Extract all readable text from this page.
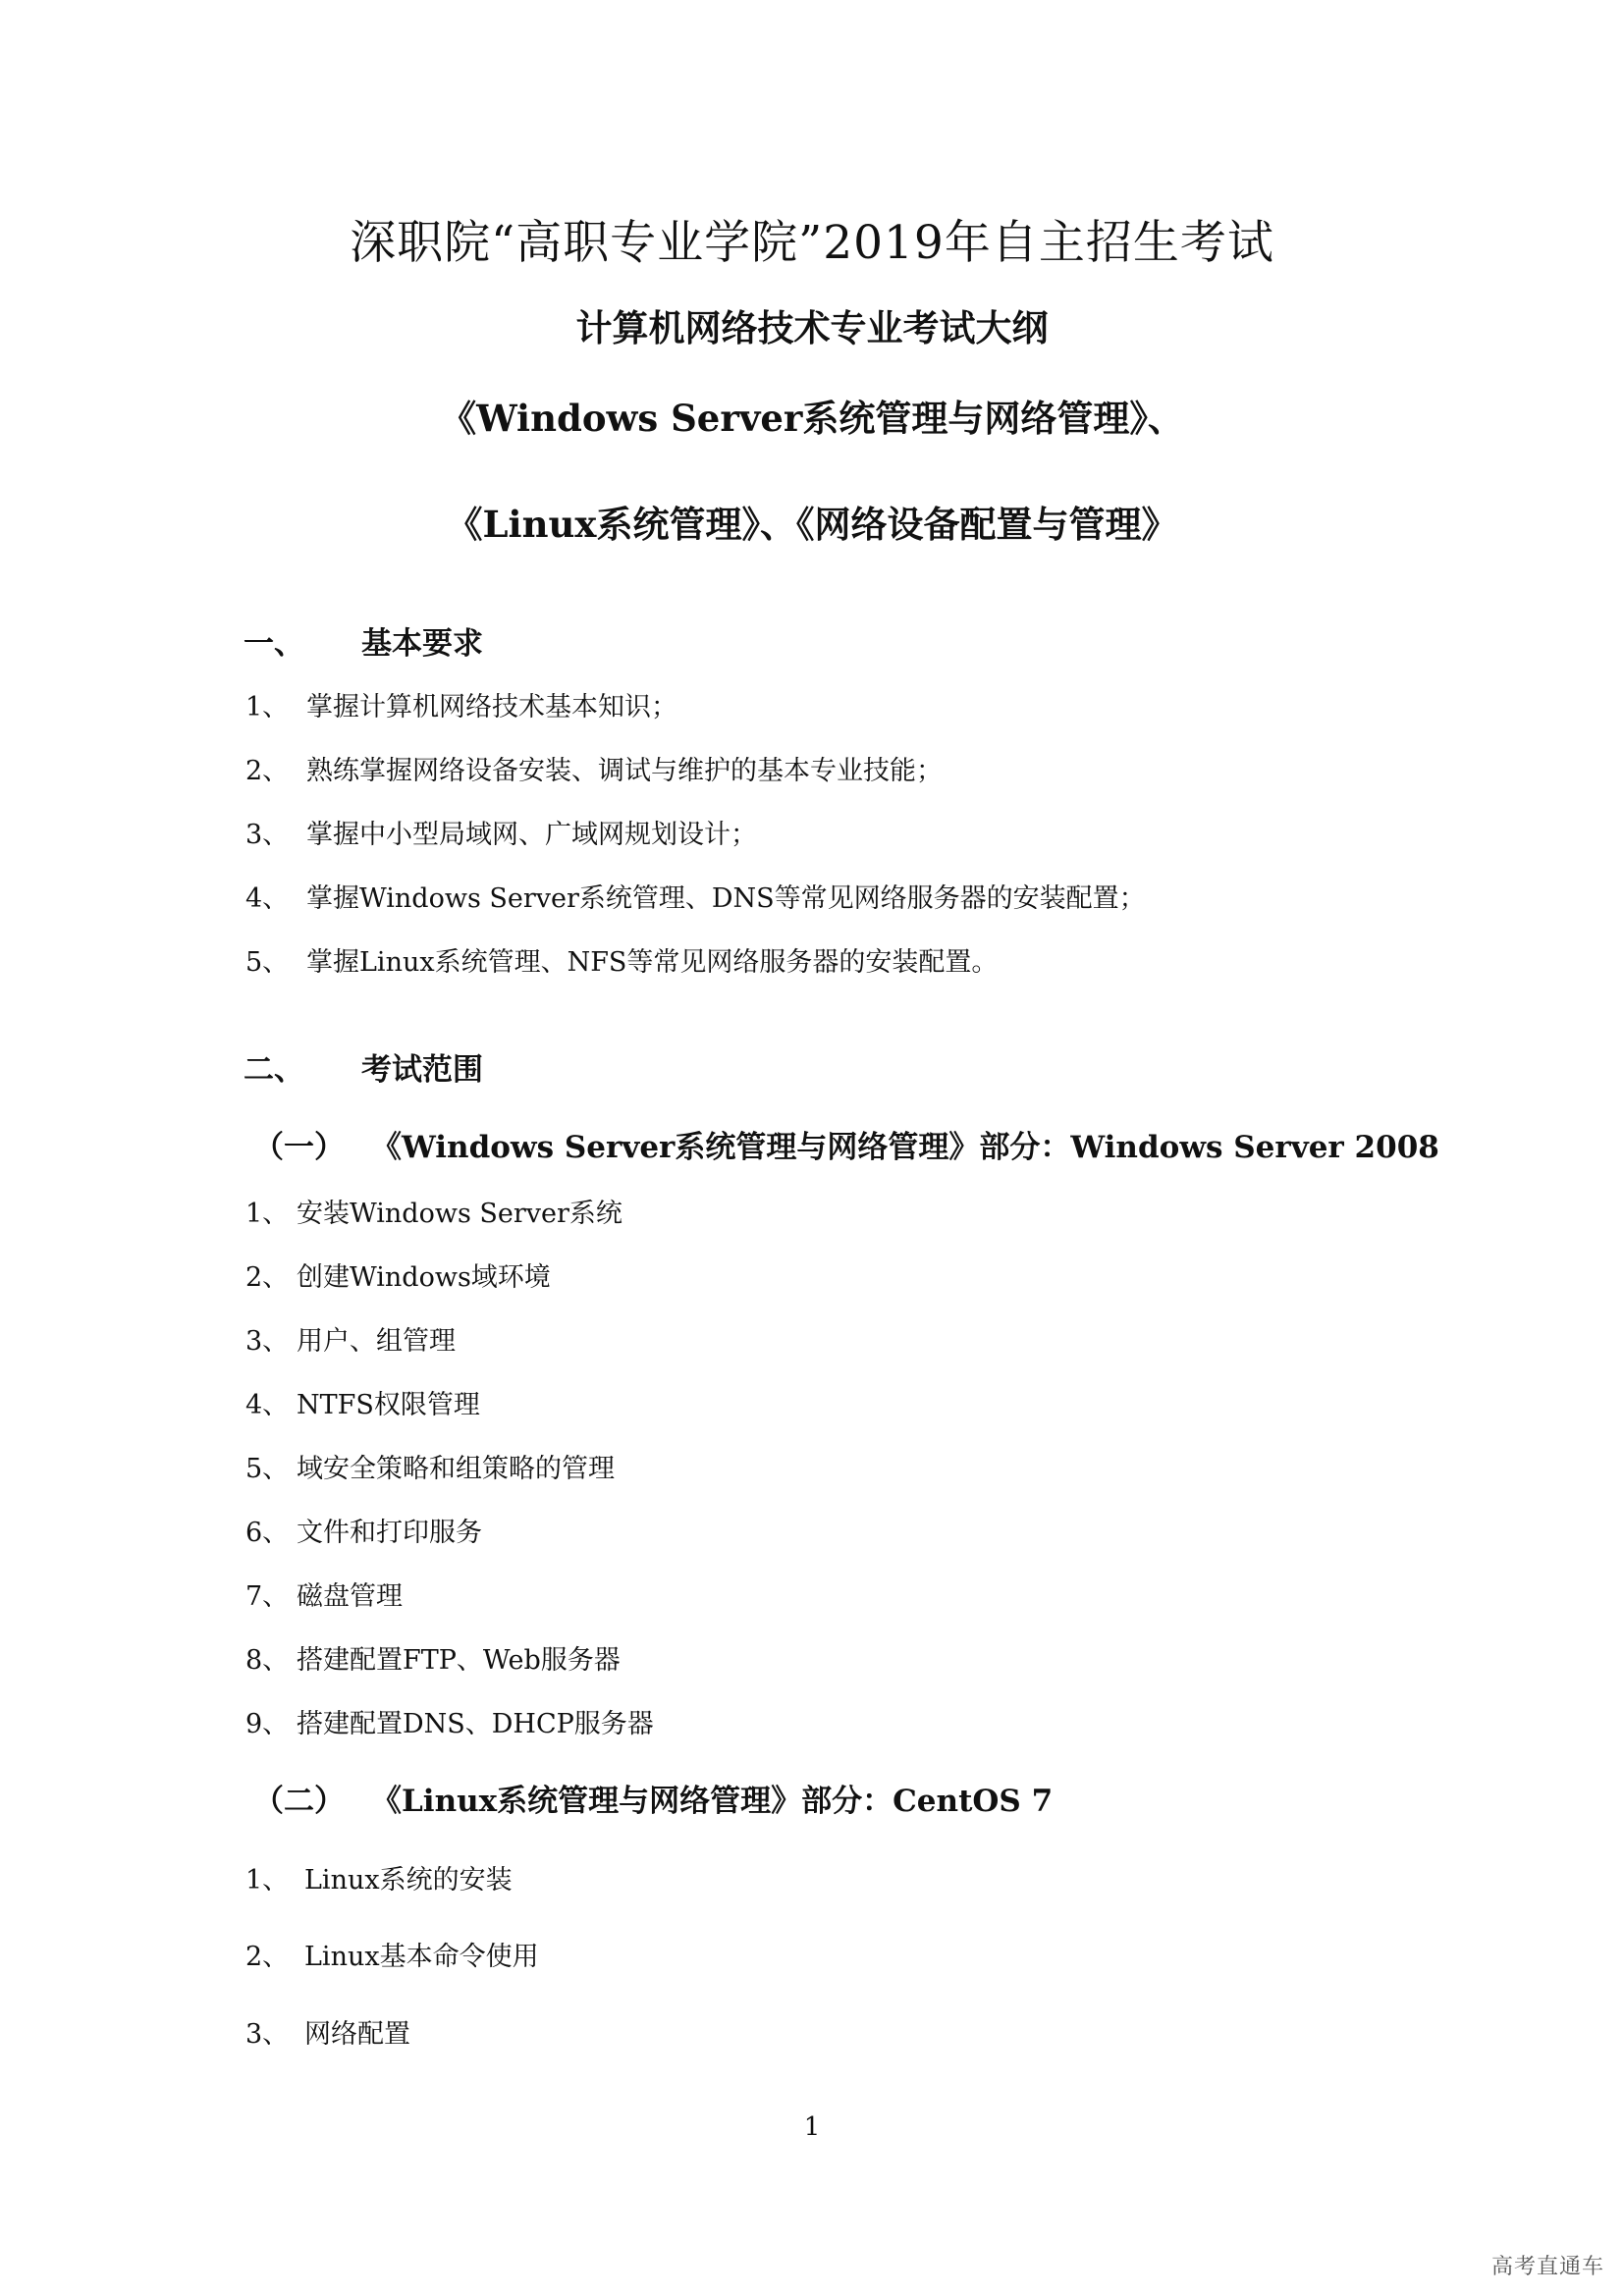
深职院“高职专业学院”2019年自主招生考试
计算机网络技术专业考试大纲
《Windows Server系统管理与网络管理》、
《Linux系统管理》、《网络设备配置与管理》
一、 基本要求
1、 掌握计算机网络技术基本知识；
2、 熟练掌握网络设备安装、调试与维护的基本专业技能；
3、 掌握中小型局域网、广域网规划设计；
4、 掌握Windows Server系统管理、DNS等常见网络服务器的安装配置；
5、 掌握Linux系统管理、NFS等常见网络服务器的安装配置。
二、 考试范围
（一） 《Windows Server系统管理与网络管理》部分：Windows Server 2008
1、 安装Windows Server系统
2、 创建Windows域环境
3、 用户、组管理
4、 NTFS权限管理
5、 域安全策略和组策略的管理
6、 文件和打印服务
7、 磁盘管理
8、 搭建配置FTP、Web服务器
9、 搭建配置DNS、DHCP服务器
（二） 《Linux系统管理与网络管理》部分：CentOS 7
1、 Linux系统的安装
2、 Linux基本命令使用
3、 网络配置
1
高考直通车
